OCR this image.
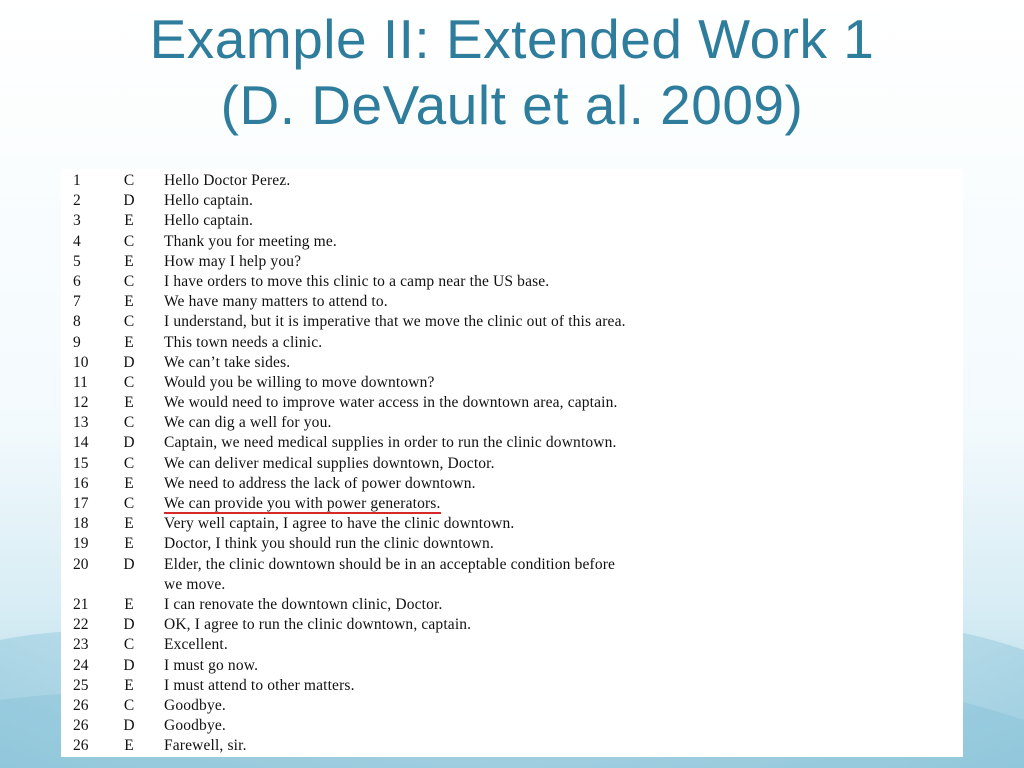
Example II: Extended Work 1
(D. DeVault et al. 2009)
1	C	Hello Doctor Perez.
2	D Hello captain.
3	E	Hello captain.
4	C	Thank you for meeting me.
5	E	How may I help you?
6	C	I have orders to move this clinic to a camp near the US base.
7	E	We have many matters to attend to.
8	C	I understand, but it is imperative that we move the clinic out of this area.
9	E	This town needs a clinic.
10	D We can’t take sides.
11	C	Would you be willing to move downtown?
12	E	We would need to improve water access in the downtown area, captain.
13	C	We can dig a well for you.
14	D Captain, we need medical supplies in order to run the clinic downtown.
15	C	We can deliver medical supplies downtown, Doctor.
16	E	We need to address the lack of power downtown.
17	C	We can provide you with power generators.
18	E	Very well captain, I agree to have the clinic downtown.
19	E	Doctor, I think you should run the clinic downtown.
20	D Elder, the clinic downtown should be in an acceptable condition before
we move.
21	E	I can renovate the downtown clinic, Doctor.
22	D OK, I agree to run the clinic downtown, captain.
23	C	Excellent.
24	D I must go now.
25	E	I must attend to other matters.
26	C	Goodbye.
26	D Goodbye.
26	E	Farewell, sir.
